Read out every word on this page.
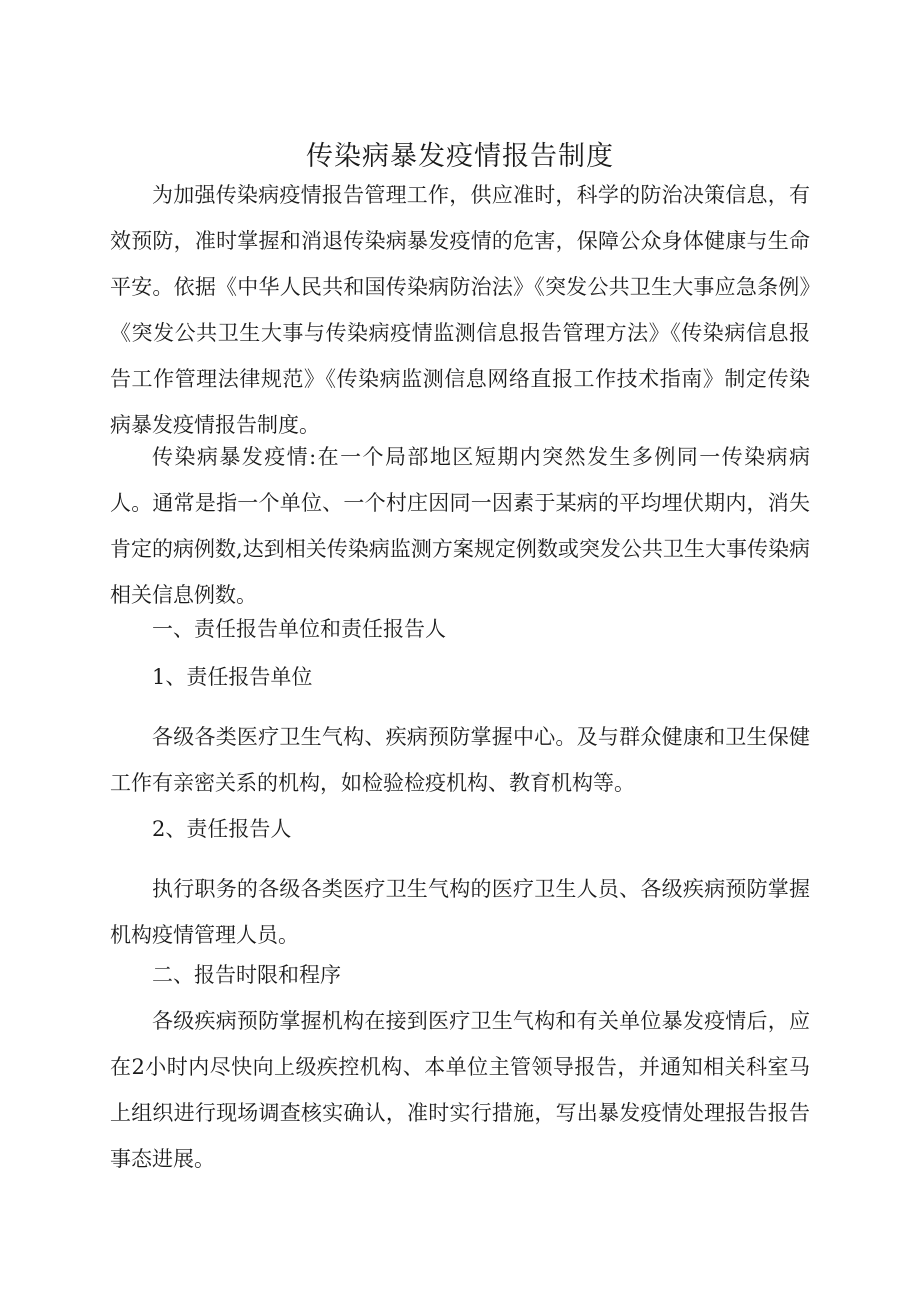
传染病暴发疫情报告制度

为加强传染病疫情报告管理工作，供应准时，科学的防治决策信息，有效预防，准时掌握和消退传染病暴发疫情的危害，保障公众身体健康与生命平安。依据《中华人民共和国传染病防治法》《突发公共卫生大事应急条例》《突发公共卫生大事与传染病疫情监测信息报告管理方法》《传染病信息报告工作管理法律规范》《传染病监测信息网络直报工作技术指南》制定传染病暴发疫情报告制度。

传染病暴发疫情:在一个局部地区短期内突然发生多例同一传染病病人。通常是指一个单位、一个村庄因同一因素于某病的平均埋伏期内，消失肯定的病例数,达到相关传染病监测方案规定例数或突发公共卫生大事传染病相关信息例数。

一、责任报告单位和责任报告人

1、责任报告单位

各级各类医疗卫生气构、疾病预防掌握中心。及与群众健康和卫生保健工作有亲密关系的机构，如检验检疫机构、教育机构等。

2、责任报告人

执行职务的各级各类医疗卫生气构的医疗卫生人员、各级疾病预防掌握机构疫情管理人员。

二、报告时限和程序

各级疾病预防掌握机构在接到医疗卫生气构和有关单位暴发疫情后，应在2小时内尽快向上级疾控机构、本单位主管领导报告，并通知相关科室马上组织进行现场调查核实确认，准时实行措施，写出暴发疫情处理报告报告事态进展。
